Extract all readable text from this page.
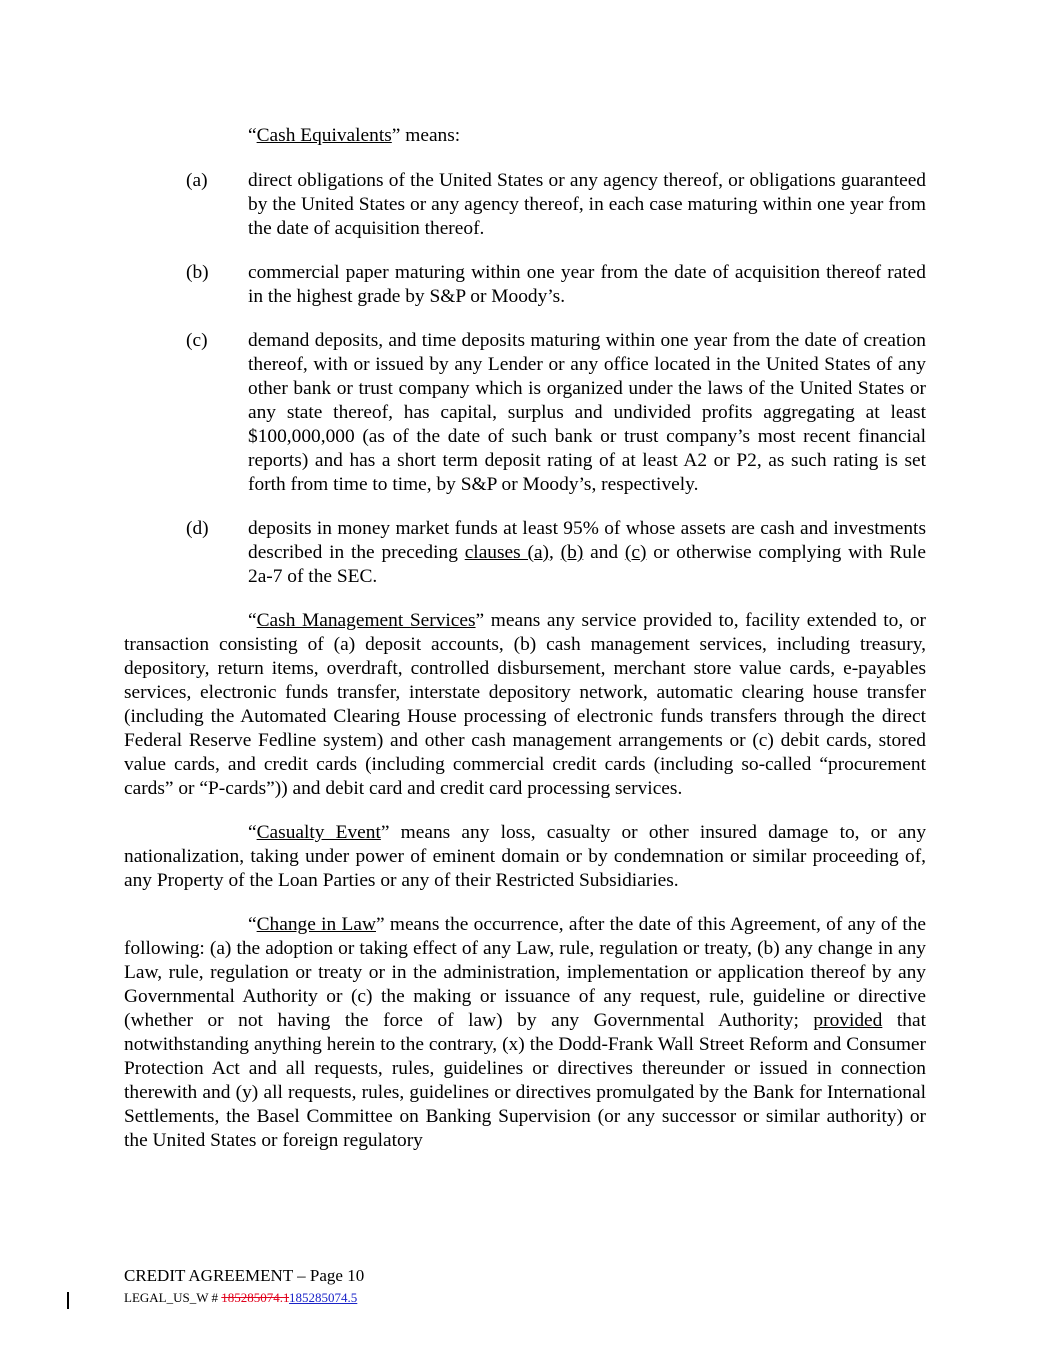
“Cash Equivalents” means:

(a) direct obligations of the United States or any agency thereof, or obligations guaranteed by the United States or any agency thereof, in each case maturing within one year from the date of acquisition thereof.
(b) commercial paper maturing within one year from the date of acquisition thereof rated in the highest grade by S&P or Moody’s.
(c) demand deposits, and time deposits maturing within one year from the date of creation thereof, with or issued by any Lender or any office located in the United States of any other bank or trust company which is organized under the laws of the United States or any state thereof, has capital, surplus and undivided profits aggregating at least $100,000,000 (as of the date of such bank or trust company’s most recent financial reports) and has a short term deposit rating of at least A2 or P2, as such rating is set forth from time to time, by S&P or Moody’s, respectively.
(d) deposits in money market funds at least 95% of whose assets are cash and investments described in the preceding clauses (a), (b) and (c) or otherwise complying with Rule 2a-7 of the SEC.

“Cash Management Services” means any service provided to, facility extended to, or transaction consisting of (a) deposit accounts, (b) cash management services, including treasury, depository, return items, overdraft, controlled disbursement, merchant store value cards, e-payables services, electronic funds transfer, interstate depository network, automatic clearing house transfer (including the Automated Clearing House processing of electronic funds transfers through the direct Federal Reserve Fedline system) and other cash management arrangements or (c) debit cards, stored value cards, and credit cards (including commercial credit cards (including so-called “procurement cards” or “P-cards”)) and debit card and credit card processing services.

“Casualty Event” means any loss, casualty or other insured damage to, or any nationalization, taking under power of eminent domain or by condemnation or similar proceeding of, any Property of the Loan Parties or any of their Restricted Subsidiaries.

“Change in Law” means the occurrence, after the date of this Agreement, of any of the following: (a) the adoption or taking effect of any Law, rule, regulation or treaty, (b) any change in any Law, rule, regulation or treaty or in the administration, implementation or application thereof by any Governmental Authority or (c) the making or issuance of any request, rule, guideline or directive (whether or not having the force of law) by any Governmental Authority; provided that notwithstanding anything herein to the contrary, (x) the Dodd-Frank Wall Street Reform and Consumer Protection Act and all requests, rules, guidelines or directives thereunder or issued in connection therewith and (y) all requests, rules, guidelines or directives promulgated by the Bank for International Settlements, the Basel Committee on Banking Supervision (or any successor or similar authority) or the United States or foreign regulatory

CREDIT AGREEMENT – Page 10
LEGAL_US_W # 185285074.1185285074.5
